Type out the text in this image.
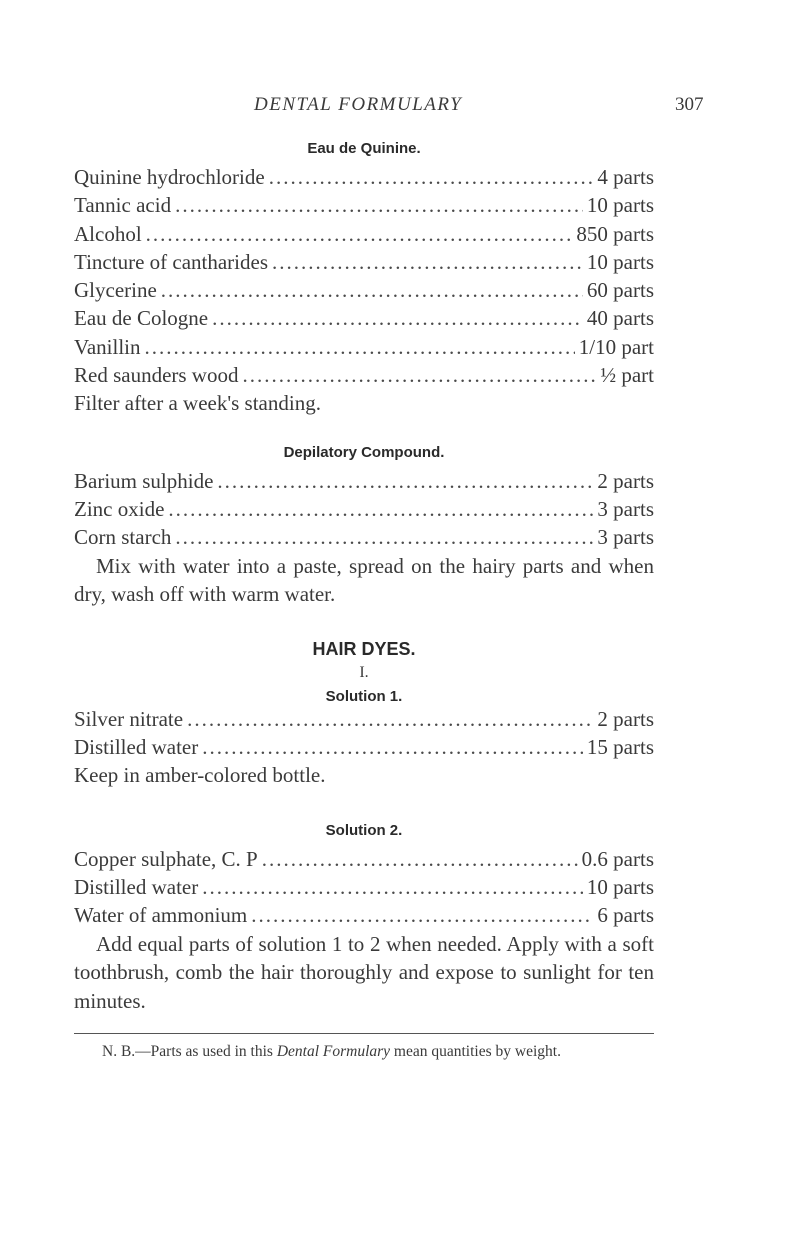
DENTAL FORMULARY	307
Eau de Quinine.
Quinine hydrochloride .....	4 parts
Tannic acid .....	10 parts
Alcohol .....	850 parts
Tincture of cantharides .....	10 parts
Glycerine .....	60 parts
Eau de Cologne .....	40 parts
Vanillin .....	1/10 part
Red saunders wood .....	½ part

Filter after a week's standing.

Depilatory Compound.
Barium sulphide .....	2 parts
Zinc oxide .....	3 parts
Corn starch .....	3 parts

Mix with water into a paste, spread on the hairy parts and when dry, wash off with warm water.

HAIR DYES.
I.
Solution 1.
Silver nitrate .....	2 parts
Distilled water .....	15 parts

Keep in amber-colored bottle.

Solution 2.
Copper sulphate, C. P .....	0.6 parts
Distilled water .....	10 parts
Water of ammonium .....	6 parts

Add equal parts of solution 1 to 2 when needed. Apply with a soft toothbrush, comb the hair thoroughly and expose to sunlight for ten minutes.

N. B.—Parts as used in this Dental Formulary mean quantities by weight.
